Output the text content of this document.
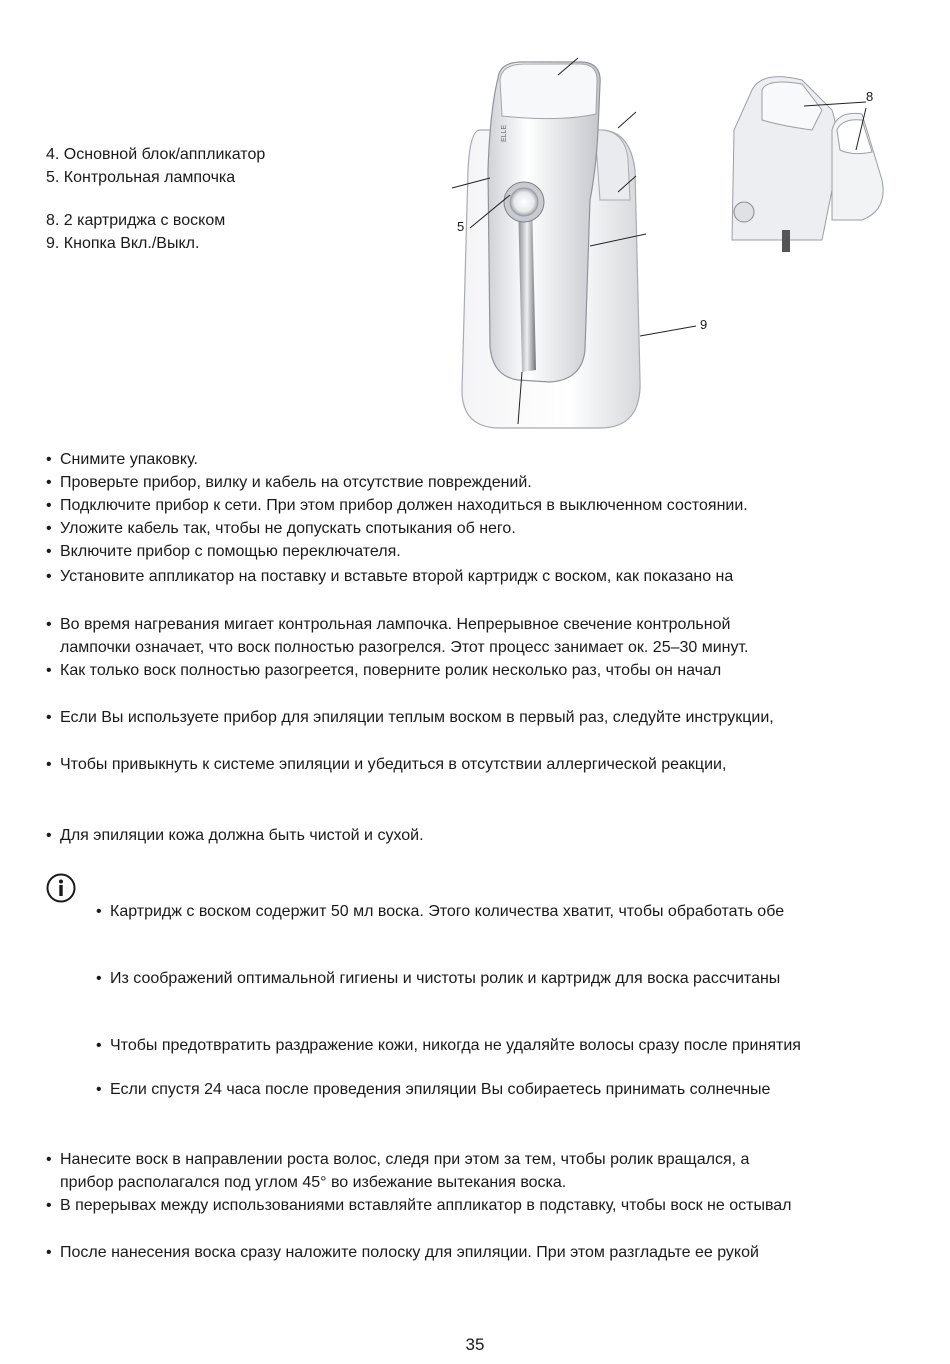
4. Основной блок/аппликатор
5. Контрольная лампочка
8. 2 картриджа с воском
9. Кнопка Вкл./Выкл.
ELLE
5
9
8
• Снимите упаковку.
• Проверьте прибор, вилку и кабель на отсутствие повреждений.
• Подключите прибор к сети. При этом прибор должен находиться в выключенном состоянии.
• Уложите кабель так, чтобы не допускать спотыкания об него.
• Включите прибор с помощью переключателя.
• Установите аппликатор на поставку и вставьте второй картридж с воском, как показано на
• Во время нагревания мигает контрольная лампочка. Непрерывное свечение контрольной
лампочки означает, что воск полностью разогрелся. Этот процесс занимает ок. 25–30 минут.
• Как только воск полностью разогреется, поверните ролик несколько раз, чтобы он начал
• Если Вы используете прибор для эпиляции теплым воском в первый раз, следуйте инструкции,
• Чтобы привыкнуть к системе эпиляции и убедиться в отсутствии аллергической реакции,
• Для эпиляции кожа должна быть чистой и сухой.
• Картридж с воском содержит 50 мл воска. Этого количества хватит, чтобы обработать обе
• Из соображений оптимальной гигиены и чистоты ролик и картридж для воска рассчитаны
• Чтобы предотвратить раздражение кожи, никогда не удаляйте волосы сразу после принятия
• Если спустя 24 часа после проведения эпиляции Вы собираетесь принимать солнечные
• Нанесите воск в направлении роста волос, следя при этом за тем, чтобы ролик вращался, а
прибор располагался под углом 45° во избежание вытекания воска.
• В перерывах между использованиями вставляйте аппликатор в подставку, чтобы воск не остывал
• После нанесения воска сразу наложите полоску для эпиляции. При этом разгладьте ее рукой
35
